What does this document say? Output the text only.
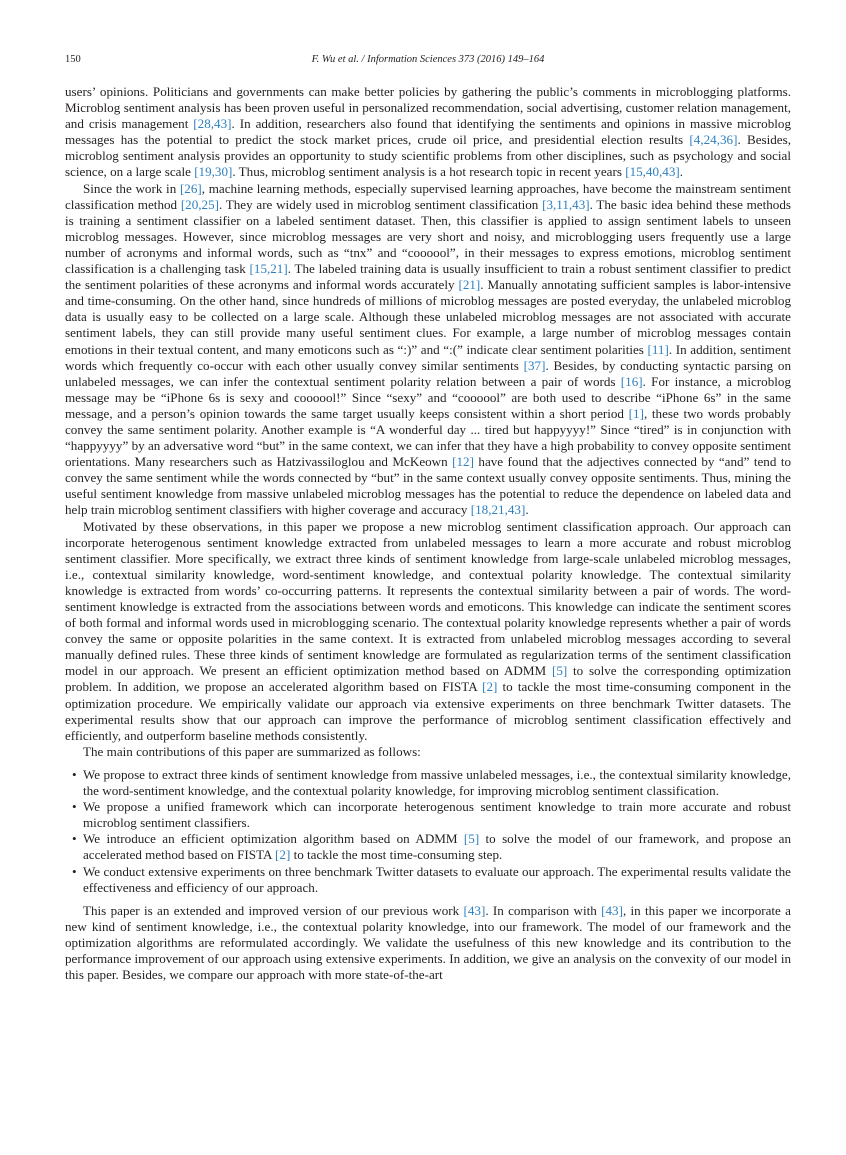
150	F. Wu et al. / Information Sciences 373 (2016) 149–164

users’ opinions. Politicians and governments can make better policies by gathering the public’s comments in microblogging platforms. Microblog sentiment analysis has been proven useful in personalized recommendation, social advertising, customer relation management, and crisis management [28,43]. In addition, researchers also found that identifying the sentiments and opinions in massive microblog messages has the potential to predict the stock market prices, crude oil price, and presidential election results [4,24,36]. Besides, microblog sentiment analysis provides an opportunity to study scientific problems from other disciplines, such as psychology and social science, on a large scale [19,30]. Thus, microblog sentiment analysis is a hot research topic in recent years [15,40,43].

Since the work in [26], machine learning methods, especially supervised learning approaches, have become the mainstream sentiment classification method [20,25]. They are widely used in microblog sentiment classification [3,11,43]. The basic idea behind these methods is training a sentiment classifier on a labeled sentiment dataset. Then, this classifier is applied to assign sentiment labels to unseen microblog messages. However, since microblog messages are very short and noisy, and microblogging users frequently use a large number of acronyms and informal words, such as “tnx” and “coooool”, in their messages to express emotions, microblog sentiment classification is a challenging task [15,21]. The labeled training data is usually insufficient to train a robust sentiment classifier to predict the sentiment polarities of these acronyms and informal words accurately [21]. Manually annotating sufficient samples is labor-intensive and time-consuming. On the other hand, since hundreds of millions of microblog messages are posted everyday, the unlabeled microblog data is usually easy to be collected on a large scale. Although these unlabeled microblog messages are not associated with accurate sentiment labels, they can still provide many useful sentiment clues. For example, a large number of microblog messages contain emotions in their textual content, and many emoticons such as “:)” and “:(” indicate clear sentiment polarities [11]. In addition, sentiment words which frequently co-occur with each other usually convey similar sentiments [37]. Besides, by conducting syntactic parsing on unlabeled messages, we can infer the contextual sentiment polarity relation between a pair of words [16]. For instance, a microblog message may be “iPhone 6s is sexy and coooool!” Since “sexy” and “coooool” are both used to describe “iPhone 6s” in the same message, and a person’s opinion towards the same target usually keeps consistent within a short period [1], these two words probably convey the same sentiment polarity. Another example is “A wonderful day ... tired but happyyyy!” Since “tired” is in conjunction with “happyyyy” by an adversative word “but” in the same context, we can infer that they have a high probability to convey opposite sentiment orientations. Many researchers such as Hatzivassiloglou and McKeown [12] have found that the adjectives connected by “and” tend to convey the same sentiment while the words connected by “but” in the same context usually convey opposite sentiments. Thus, mining the useful sentiment knowledge from massive unlabeled microblog messages has the potential to reduce the dependence on labeled data and help train microblog sentiment classifiers with higher coverage and accuracy [18,21,43].

Motivated by these observations, in this paper we propose a new microblog sentiment classification approach. Our approach can incorporate heterogenous sentiment knowledge extracted from unlabeled messages to learn a more accurate and robust microblog sentiment classifier. More specifically, we extract three kinds of sentiment knowledge from large-scale unlabeled microblog messages, i.e., contextual similarity knowledge, word-sentiment knowledge, and contextual polarity knowledge. The contextual similarity knowledge is extracted from words’ co-occurring patterns. It represents the contextual similarity between a pair of words. The word-sentiment knowledge is extracted from the associations between words and emoticons. This knowledge can indicate the sentiment scores of both formal and informal words used in microblogging scenario. The contextual polarity knowledge represents whether a pair of words convey the same or opposite polarities in the same context. It is extracted from unlabeled microblog messages according to several manually defined rules. These three kinds of sentiment knowledge are formulated as regularization terms of the sentiment classification model in our approach. We present an efficient optimization method based on ADMM [5] to solve the corresponding optimization problem. In addition, we propose an accelerated algorithm based on FISTA [2] to tackle the most time-consuming component in the optimization procedure. We empirically validate our approach via extensive experiments on three benchmark Twitter datasets. The experimental results show that our approach can improve the performance of microblog sentiment classification effectively and efficiently, and outperform baseline methods consistently.

The main contributions of this paper are summarized as follows:

• We propose to extract three kinds of sentiment knowledge from massive unlabeled messages, i.e., the contextual similarity knowledge, the word-sentiment knowledge, and the contextual polarity knowledge, for improving microblog sentiment classification.
• We propose a unified framework which can incorporate heterogenous sentiment knowledge to train more accurate and robust microblog sentiment classifiers.
• We introduce an efficient optimization algorithm based on ADMM [5] to solve the model of our framework, and propose an accelerated method based on FISTA [2] to tackle the most time-consuming step.
• We conduct extensive experiments on three benchmark Twitter datasets to evaluate our approach. The experimental results validate the effectiveness and efficiency of our approach.

This paper is an extended and improved version of our previous work [43]. In comparison with [43], in this paper we incorporate a new kind of sentiment knowledge, i.e., the contextual polarity knowledge, into our framework. The model of our framework and the optimization algorithms are reformulated accordingly. We validate the usefulness of this new knowledge and its contribution to the performance improvement of our approach using extensive experiments. In addition, we give an analysis on the convexity of our model in this paper. Besides, we compare our approach with more state-of-the-art
